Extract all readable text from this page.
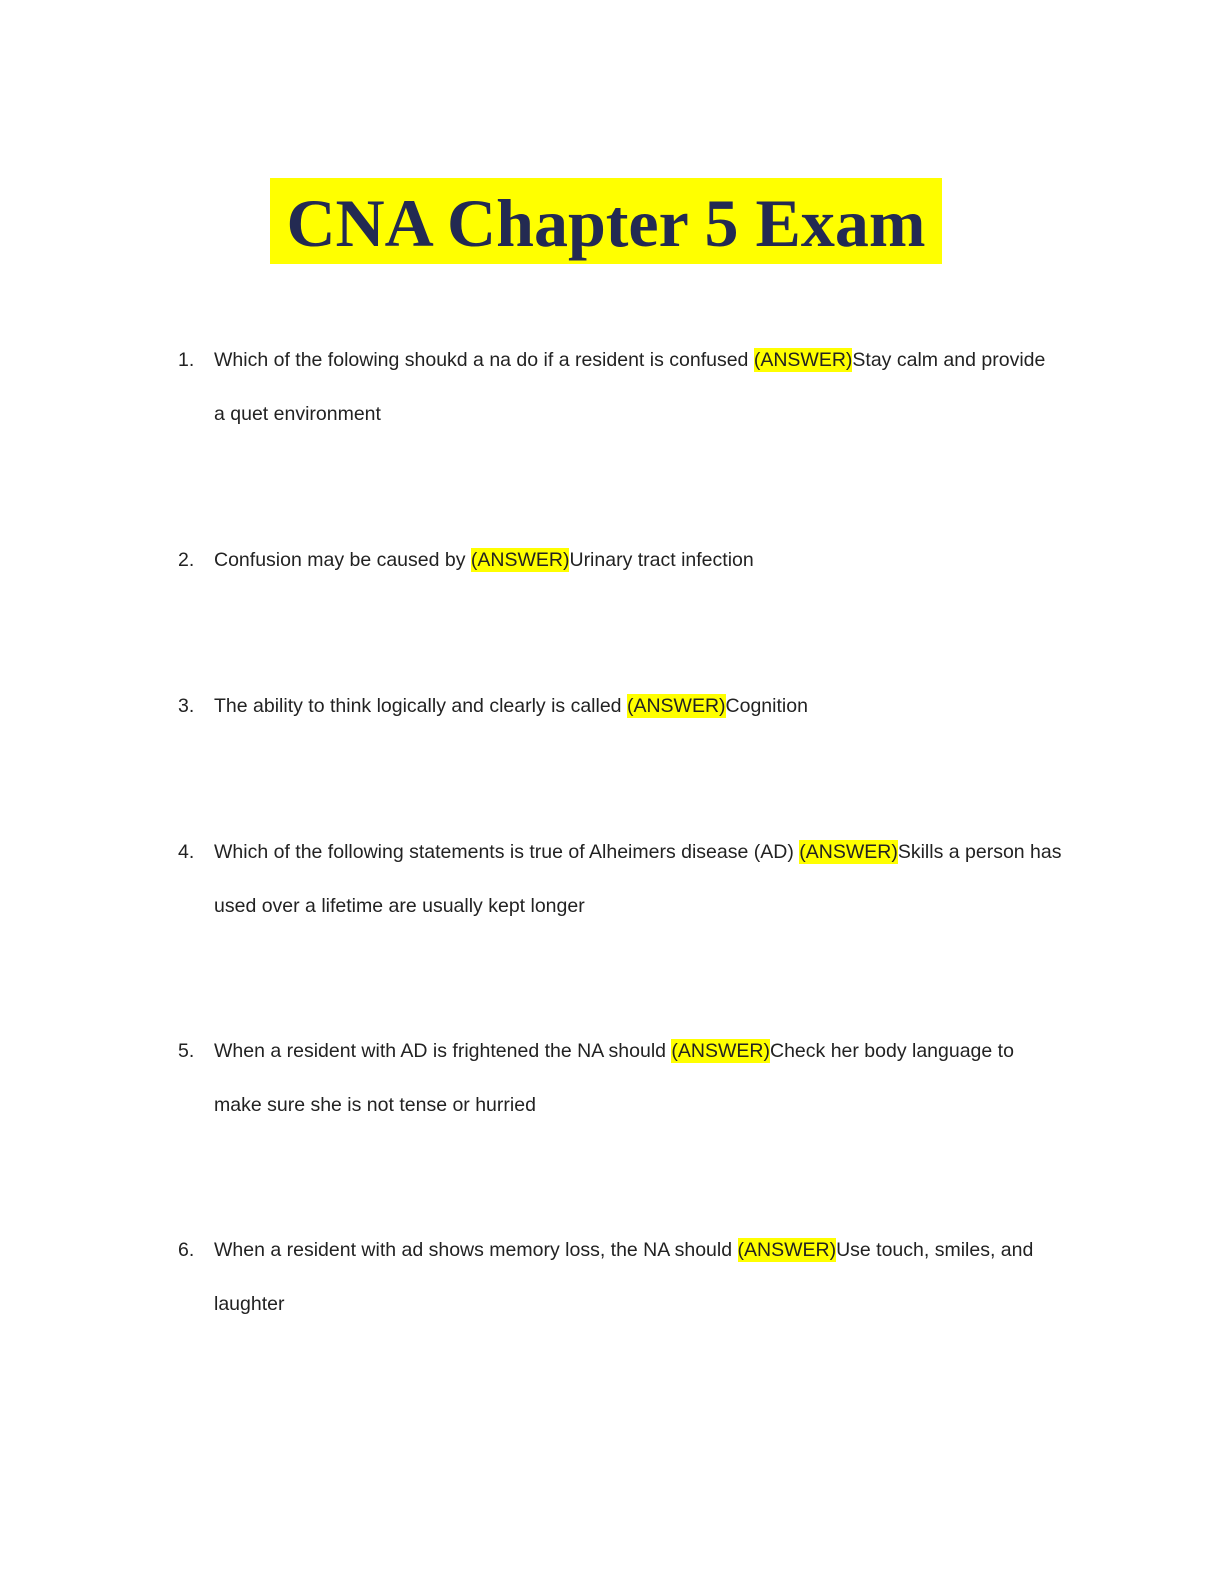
CNA Chapter 5 Exam
1.	Which of the folowing shoukd a na do if a resident is confused (ANSWER)Stay calm and provide
a quet environment
2.	Confusion may be caused by (ANSWER)Urinary tract infection
3.	The ability to think logically and clearly is called (ANSWER)Cognition
4.	Which of the following statements is true of Alheimers disease (AD) (ANSWER)Skills a person has
used over a lifetime are usually kept longer
5.	When a resident with AD is frightened the NA should (ANSWER)Check her body language to
make sure she is not tense or hurried
6.	When a resident with ad shows memory loss, the NA should (ANSWER)Use touch, smiles, and
laughter
